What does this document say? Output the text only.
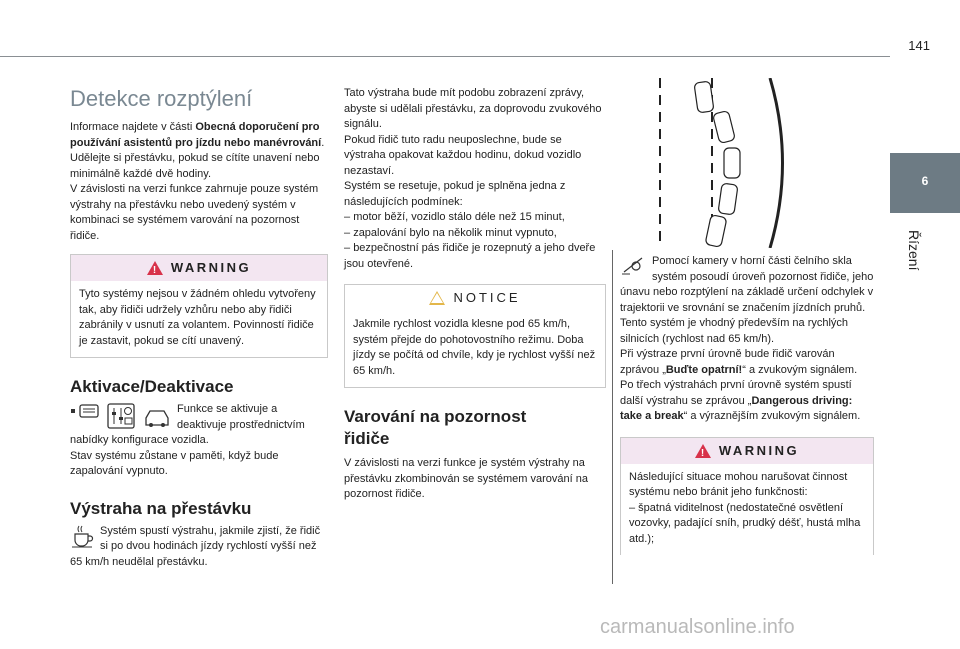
141
6
Řízení
Detekce rozptýlení
Informace najdete v části Obecná doporučení pro používání asistentů pro jízdu nebo manévrování.
Udělejte si přestávku, pokud se cítíte unavení nebo minimálně každé dvě hodiny.
V závislosti na verzi funkce zahrnuje pouze systém výstrahy na přestávku nebo uvedený systém v kombinaci se systémem varování na pozornost řidiče.
!
WARNING
Tyto systémy nejsou v žádném ohledu vytvořeny tak, aby řidiči udržely vzhůru nebo aby řidiči zabránily v usnutí za volantem. Povinností řidiče je zastavit, pokud se cítí unavený.
Aktivace/Deaktivace
Funkce se aktivuje a deaktivuje prostřednictvím nabídky konfigurace vozidla.
Stav systému zůstane v paměti, když bude zapalování vypnuto.
Výstraha na přestávku
Systém spustí výstrahu, jakmile zjistí, že řidič si po dvou hodinách jízdy rychlostí vyšší než 65 km/h neudělal přestávku.
Tato výstraha bude mít podobu zobrazení zprávy, abyste si udělali přestávku, za doprovodu zvukového signálu.
Pokud řidič tuto radu neuposlechne, bude se výstraha opakovat každou hodinu, dokud vozidlo nezastaví.
Systém se resetuje, pokud je splněna jedna z následujících podmínek:
– motor běží, vozidlo stálo déle než 15 minut,
– zapalování bylo na několik minut vypnuto,
– bezpečnostní pás řidiče je rozepnutý a jeho dveře jsou otevřené.
NOTICE
Jakmile rychlost vozidla klesne pod 65 km/h, systém přejde do pohotovostního režimu. Doba jízdy se počítá od chvíle, kdy je rychlost vyšší než 65 km/h.
Varování na pozornost řidiče
V závislosti na verzi funkce je systém výstrahy na přestávku zkombinován se systémem varování na pozornost řidiče.
Pomocí kamery v horní části čelního skla systém posoudí úroveň pozornost řidiče, jeho únavu nebo rozptýlení na základě určení odchylek v trajektorii ve srovnání se značením jízdních pruhů.
Tento systém je vhodný především na rychlých silnicích (rychlost nad 65 km/h).
Při výstraze první úrovně bude řidič varován zprávou „Buďte opatrní!“ a zvukovým signálem.
Po třech výstrahách první úrovně systém spustí další výstrahu se zprávou „Dangerous driving: take a break“ a výraznějším zvukovým signálem.
!
WARNING
Následující situace mohou narušovat činnost systému nebo bránit jeho funkčnosti:
– špatná viditelnost (nedostatečné osvětlení vozovky, padající sníh, prudký déšť, hustá mlha atd.);
carmanualsonline.info
